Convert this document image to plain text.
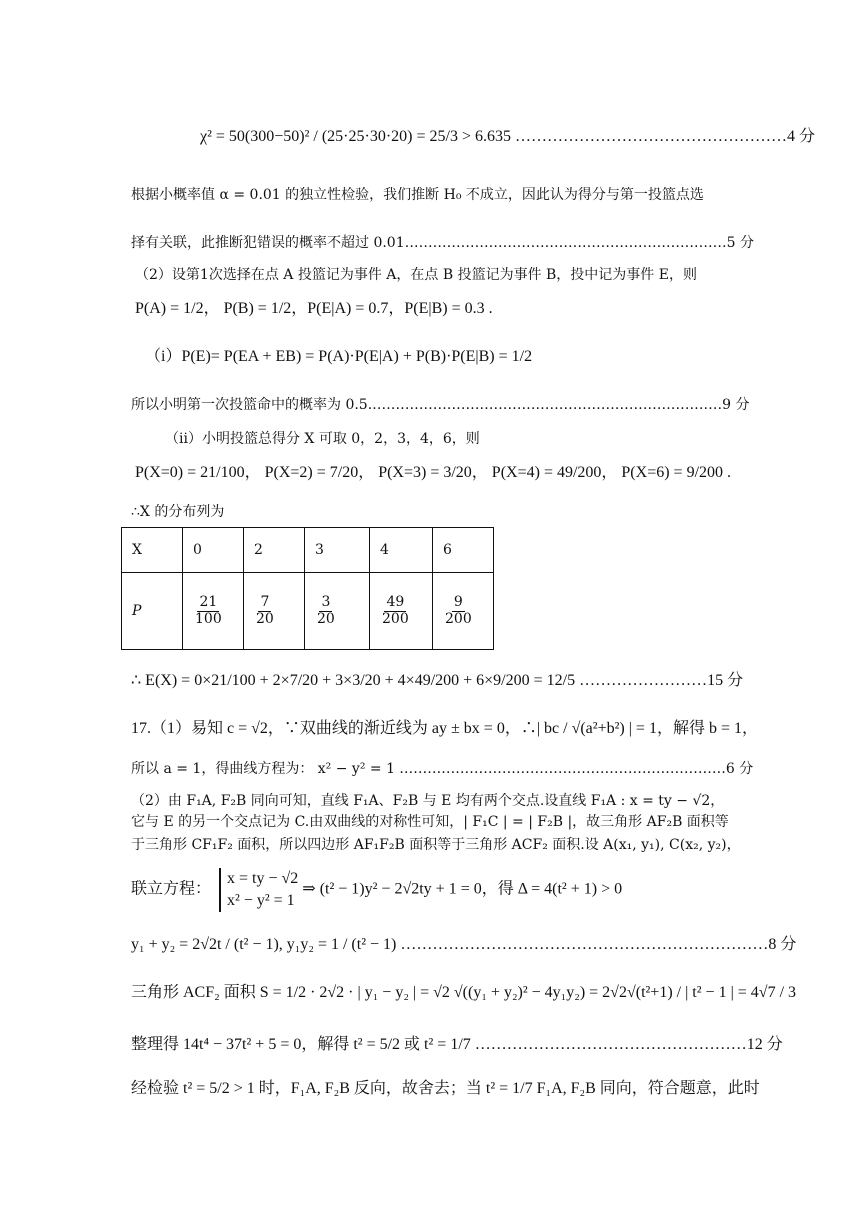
χ² = 50(300−50)² / (25·25·30·20) = 25/3 > 6.635 ……………………………………………4 分
根据小概率值 α = 0.01 的独立性检验，我们推断 H₀ 不成立，因此认为得分与第一投篮点选
择有关联，此推断犯错误的概率不超过 0.01……………………………………………………………5 分
（2）设第1次选择在点 A 投篮记为事件 A，在点 B 投篮记为事件 B，投中记为事件 E，则
P(A) = 1/2， P(B) = 1/2，P(E|A) = 0.7，P(E|B) = 0.3 .
（i）P(E)= P(EA + EB) = P(A)·P(E|A) + P(B)·P(E|B) = 1/2
所以小明第一次投篮命中的概率为 0.5.…………………………………………………………………9 分
（ii）小明投篮总得分 X 可取 0，2，3，4，6，则
P(X=0) = 21/100， P(X=2) = 7/20， P(X=3) = 3/20， P(X=4) = 49/200， P(X=6) = 9/200 .
∴X 的分布列为
X	0	2	3	4	6
P	$\frac{21}{100}$	$\frac{7}{20}$	$\frac{3}{20}$	$\frac{49}{200}$	$\frac{9}{200}$
∴ E(X) = 0×21/100 + 2×7/20 + 3×3/20 + 4×49/200 + 6×9/200 = 12/5 ……………………15 分
17.（1）易知 c = √2，∵双曲线的渐近线为 ay ± bx = 0，∴| bc / √(a²+b²) | = 1，解得 b = 1，
所以 a = 1，得曲线方程为： x² − y² = 1 .……………………………………………………………6 分
（2）由 F₁A, F₂B 同向可知，直线 F₁A、F₂B 与 E 均有两个交点.设直线 F₁A : x = ty − √2，
它与 E 的另一个交点记为 C.由双曲线的对称性可知，| F₁C | = | F₂B |，故三角形 AF₂B 面积等
于三角形 CF₁F₂ 面积，所以四边形 AF₁F₂B 面积等于三角形 ACF₂ 面积.设 A(x₁, y₁), C(x₂, y₂)，
联立方程：
x = ty − √2
x² − y² = 1
⇒ (t² − 1)y² − 2√2ty + 1 = 0，得 Δ = 4(t² + 1) > 0
y₁ + y₂ = 2√2t / (t² − 1), y₁y₂ = 1 / (t² − 1) ……………………………………………………………8 分
三角形 ACF₂ 面积 S = 1/2 · 2√2 · | y₁ − y₂ | = √2 √((y₁ + y₂)² − 4y₁y₂) = 2√2√(t²+1) / | t² − 1 | = 4√7 / 3
整理得 14t⁴ − 37t² + 5 = 0，解得 t² = 5/2 或 t² = 1/7 ……………………………………………12 分
经检验 t² = 5/2 > 1 时，F₁A, F₂B 反向，故舍去；当 t² = 1/7 F₁A, F₂B 同向，符合题意，此时
